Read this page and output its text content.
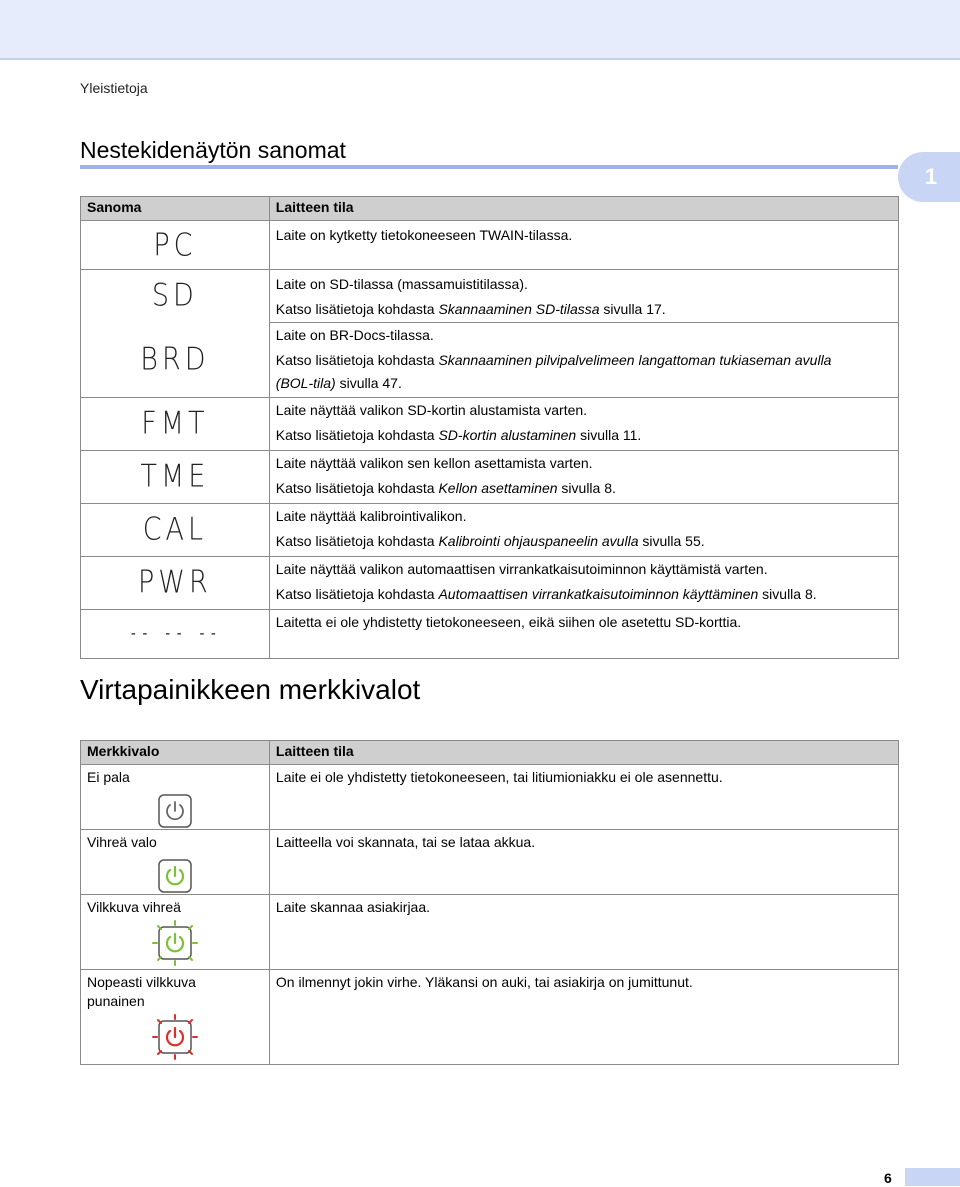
Yleistietoja
Nestekidenäytön sanomat
1
Sanoma	Laitteen tila

PC	Laite on kytketty tietokoneeseen TWAIN-tilassa.

SD	Laite on SD-tilassa (massamuistitilassa).
Katso lisätietoja kohdasta Skannaaminen SD-tilassa sivulla 17.

BRD	Laite on BR-Docs-tilassa.
Katso lisätietoja kohdasta Skannaaminen pilvipalvelimeen langattoman tukiaseman avulla
(BOL-tila) sivulla 47.

FMT	Laite näyttää valikon SD-kortin alustamista varten.
Katso lisätietoja kohdasta SD-kortin alustaminen sivulla 11.

TME	Laite näyttää valikon sen kellon asettamista varten.
Katso lisätietoja kohdasta Kellon asettaminen sivulla 8.

CAL	Laite näyttää kalibrointivalikon.
Katso lisätietoja kohdasta Kalibrointi ohjauspaneelin avulla sivulla 55.

PWR	Laite näyttää valikon automaattisen virrankatkaisutoiminnon käyttämistä varten.
Katso lisätietoja kohdasta Automaattisen virrankatkaisutoiminnon käyttäminen sivulla 8.

-- -- --	Laitetta ei ole yhdistetty tietokoneeseen, eikä siihen ole asetettu SD-korttia.
Virtapainikkeen merkkivalot
Merkkivalo	Laitteen tila

Ei pala	Laite ei ole yhdistetty tietokoneeseen, tai litiumioniakku ei ole asennettu.

Vihreä valo	Laitteella voi skannata, tai se lataa akkua.

Vilkkuva vihreä	Laite skannaa asiakirjaa.

Nopeasti vilkkuva punainen	On ilmennyt jokin virhe. Yläkansi on auki, tai asiakirja on jumittunut.
6
